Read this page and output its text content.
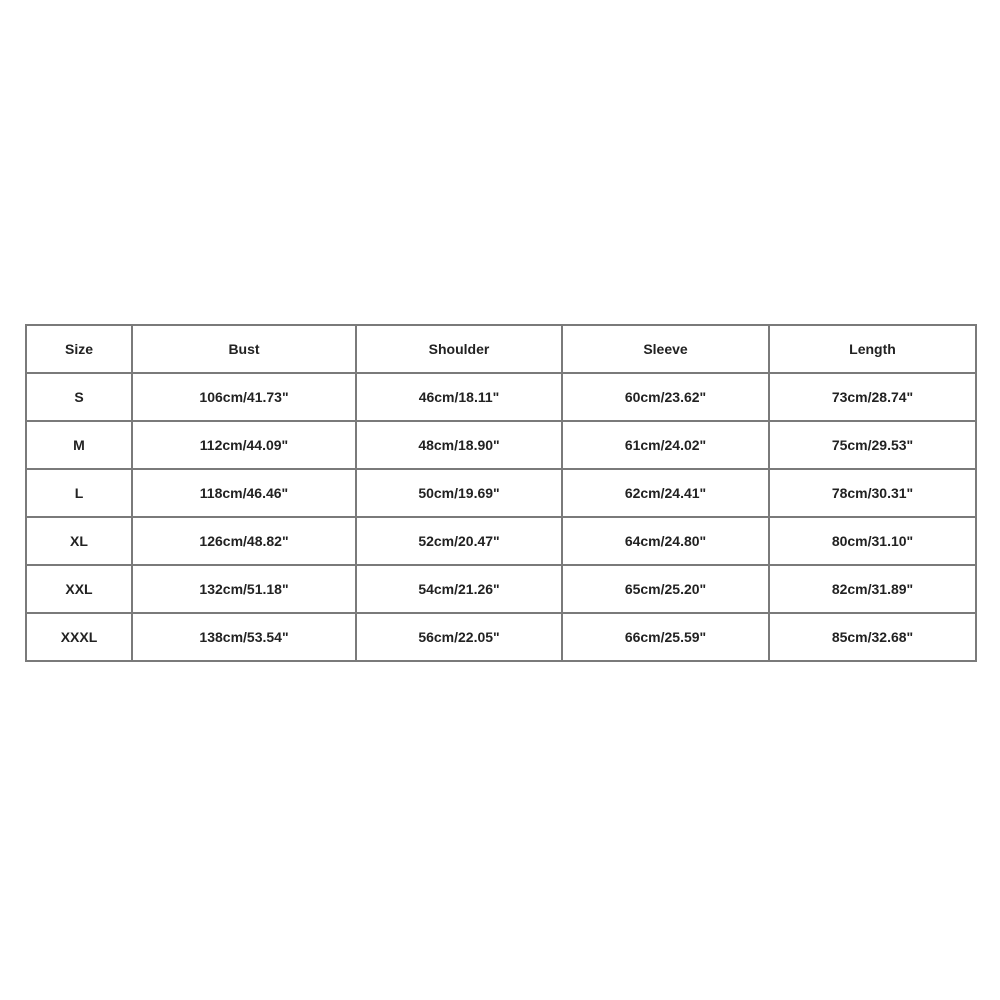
Size	Bust	Shoulder	Sleeve	Length
S	106cm/41.73"	46cm/18.11"	60cm/23.62"	73cm/28.74"
M	112cm/44.09"	48cm/18.90"	61cm/24.02"	75cm/29.53"
L	118cm/46.46"	50cm/19.69"	62cm/24.41"	78cm/30.31"
XL	126cm/48.82"	52cm/20.47"	64cm/24.80"	80cm/31.10"
XXL	132cm/51.18"	54cm/21.26"	65cm/25.20"	82cm/31.89"
XXXL	138cm/53.54"	56cm/22.05"	66cm/25.59"	85cm/32.68"
